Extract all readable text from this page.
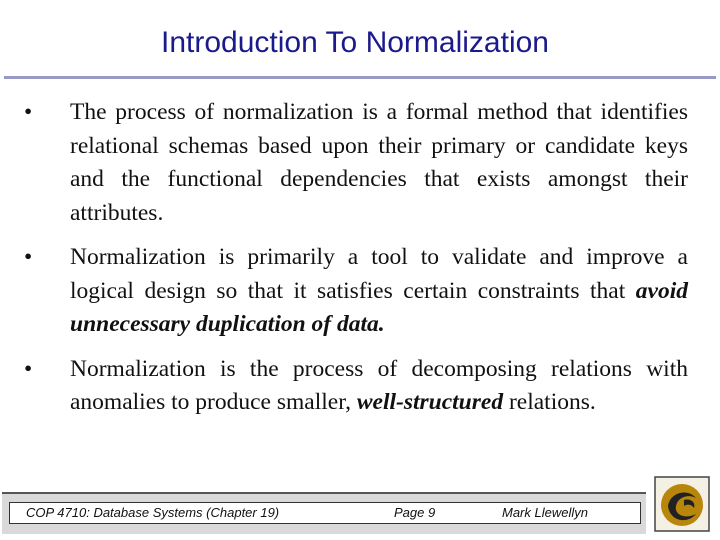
Introduction To Normalization
•	The process of normalization is a formal method that identifies relational schemas based upon their primary or candidate keys and the functional dependencies that exists amongst their attributes.
•	Normalization is primarily a tool to validate and improve a logical design so that it satisfies certain constraints that avoid unnecessary duplication of data.
•	Normalization is the process of decomposing relations with anomalies to produce smaller, well-structured relations.
COP 4710: Database Systems (Chapter 19)	Page 9	Mark Llewellyn
